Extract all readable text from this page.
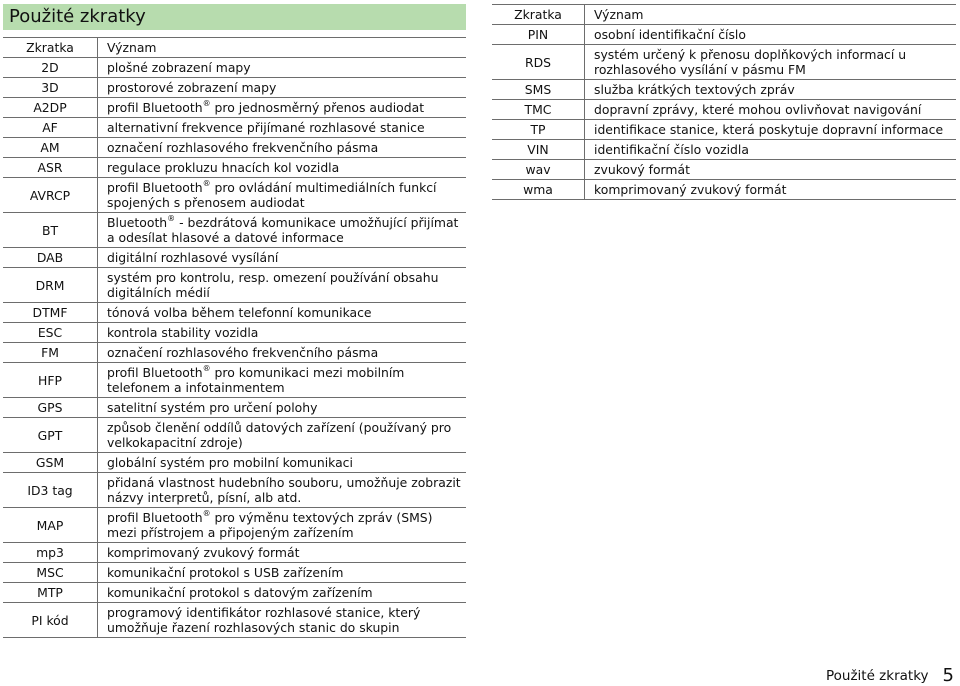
Použité zkratky
Zkratka	Význam
2D	plošné zobrazení mapy
3D	prostorové zobrazení mapy
A2DP	profil Bluetooth® pro jednosměrný přenos audiodat
AF	alternativní frekvence přijímané rozhlasové stanice
AM	označení rozhlasového frekvenčního pásma
ASR	regulace prokluzu hnacích kol vozidla
AVRCP	profil Bluetooth® pro ovládání multimediálních funkcí spojených s přenosem audiodat
BT	Bluetooth® - bezdrátová komunikace umožňující přijímat a odesílat hlasové a datové informace
DAB	digitální rozhlasové vysílání
DRM	systém pro kontrolu, resp. omezení používání obsahu digitálních médií
DTMF	tónová volba během telefonní komunikace
ESC	kontrola stability vozidla
FM	označení rozhlasového frekvenčního pásma
HFP	profil Bluetooth® pro komunikaci mezi mobilním telefonem a infotainmentem
GPS	satelitní systém pro určení polohy
GPT	způsob členění oddílů datových zařízení (používaný pro velkokapacitní zdroje)
GSM	globální systém pro mobilní komunikaci
ID3 tag	přidaná vlastnost hudebního souboru, umožňuje zobrazit názvy interpretů, písní, alb atd.
MAP	profil Bluetooth® pro výměnu textových zpráv (SMS) mezi přístrojem a připojeným zařízením
mp3	komprimovaný zvukový formát
MSC	komunikační protokol s USB zařízením
MTP	komunikační protokol s datovým zařízením
PI kód	programový identifikátor rozhlasové stanice, který umožňuje řazení rozhlasových stanic do skupin
Zkratka	Význam
PIN	osobní identifikační číslo
RDS	systém určený k přenosu doplňkových informací u rozhlasového vysílání v pásmu FM
SMS	služba krátkých textových zpráv
TMC	dopravní zprávy, které mohou ovlivňovat navigování
TP	identifikace stanice, která poskytuje dopravní informace
VIN	identifikační číslo vozidla
wav	zvukový formát
wma	komprimovaný zvukový formát
Použité zkratky 5
